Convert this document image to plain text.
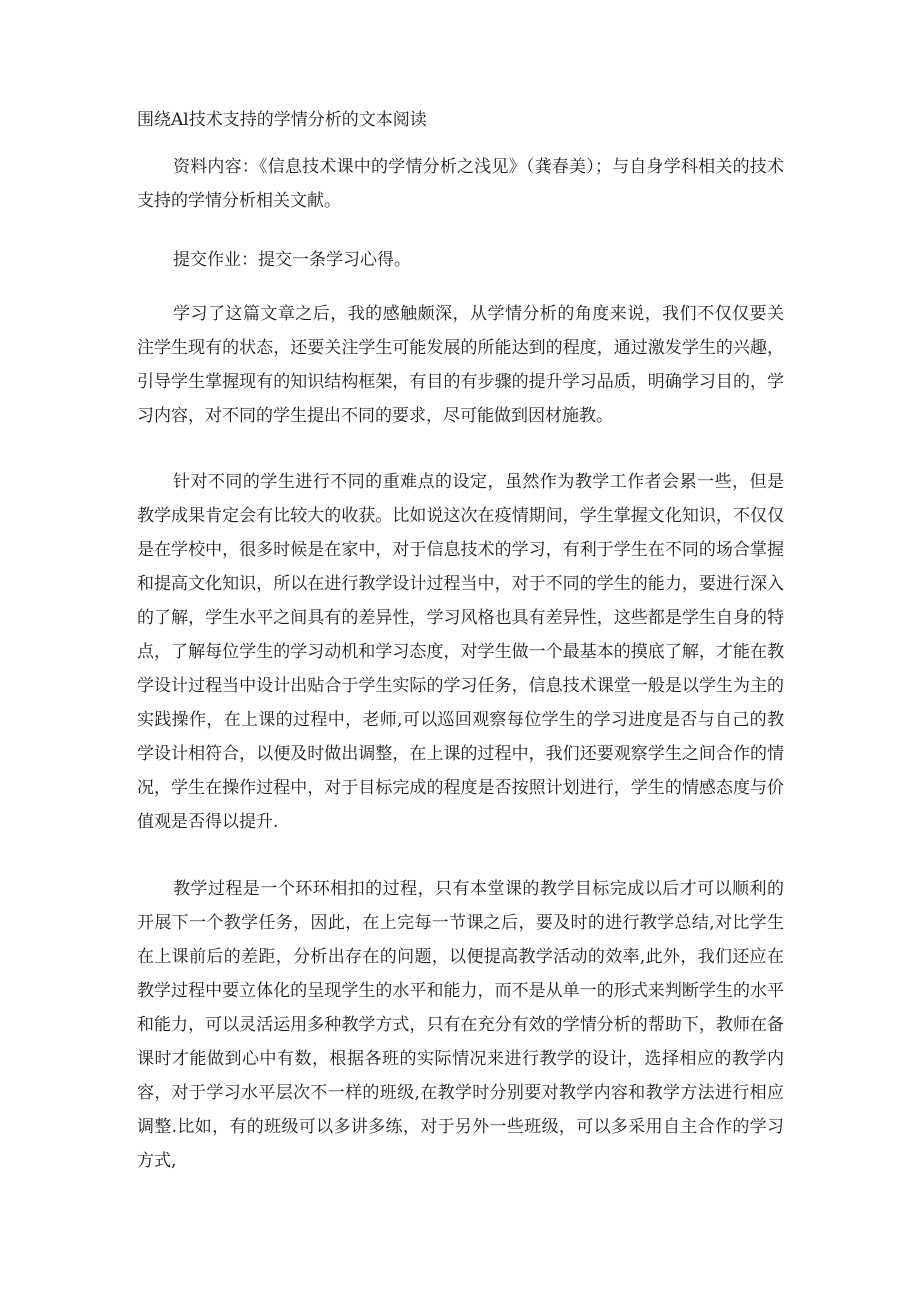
围绕Al技术支持的学情分析的文本阅读
资料内容：《信息技术课中的学情分析之浅见》（龚春美）；与自身学科相关的技术支持的学情分析相关文献。
提交作业：提交一条学习心得。
学习了这篇文章之后，我的感触颇深，从学情分析的角度来说，我们不仅仅要关注学生现有的状态，还要关注学生可能发展的所能达到的程度，通过激发学生的兴趣，引导学生掌握现有的知识结构框架，有目的有步骤的提升学习品质，明确学习目的，学习内容，对不同的学生提出不同的要求，尽可能做到因材施教。
针对不同的学生进行不同的重难点的设定，虽然作为教学工作者会累一些，但是教学成果肯定会有比较大的收获。比如说这次在疫情期间，学生掌握文化知识，不仅仅是在学校中，很多时候是在家中，对于信息技术的学习，有利于学生在不同的场合掌握和提高文化知识，所以在进行教学设计过程当中，对于不同的学生的能力，要进行深入的了解，学生水平之间具有的差异性，学习风格也具有差异性，这些都是学生自身的特点，了解每位学生的学习动机和学习态度，对学生做一个最基本的摸底了解，才能在教学设计过程当中设计出贴合于学生实际的学习任务，信息技术课堂一般是以学生为主的实践操作，在上课的过程中，老师,可以巡回观察每位学生的学习进度是否与自己的教学设计相符合，以便及时做出调整，在上课的过程中，我们还要观察学生之间合作的情况，学生在操作过程中，对于目标完成的程度是否按照计划进行，学生的情感态度与价值观是否得以提升.
教学过程是一个环环相扣的过程，只有本堂课的教学目标完成以后才可以顺利的开展下一个教学任务，因此，在上完每一节课之后，要及时的进行教学总结,对比学生在上课前后的差距，分析出存在的问题，以便提高教学活动的效率,此外，我们还应在教学过程中要立体化的呈现学生的水平和能力，而不是从单一的形式来判断学生的水平和能力，可以灵活运用多种教学方式，只有在充分有效的学情分析的帮助下，教师在备课时才能做到心中有数，根据各班的实际情况来进行教学的设计，选择相应的教学内容，对于学习水平层次不一样的班级,在教学时分别要对教学内容和教学方法进行相应调整.比如，有的班级可以多讲多练，对于另外一些班级，可以多采用自主合作的学习方式,
